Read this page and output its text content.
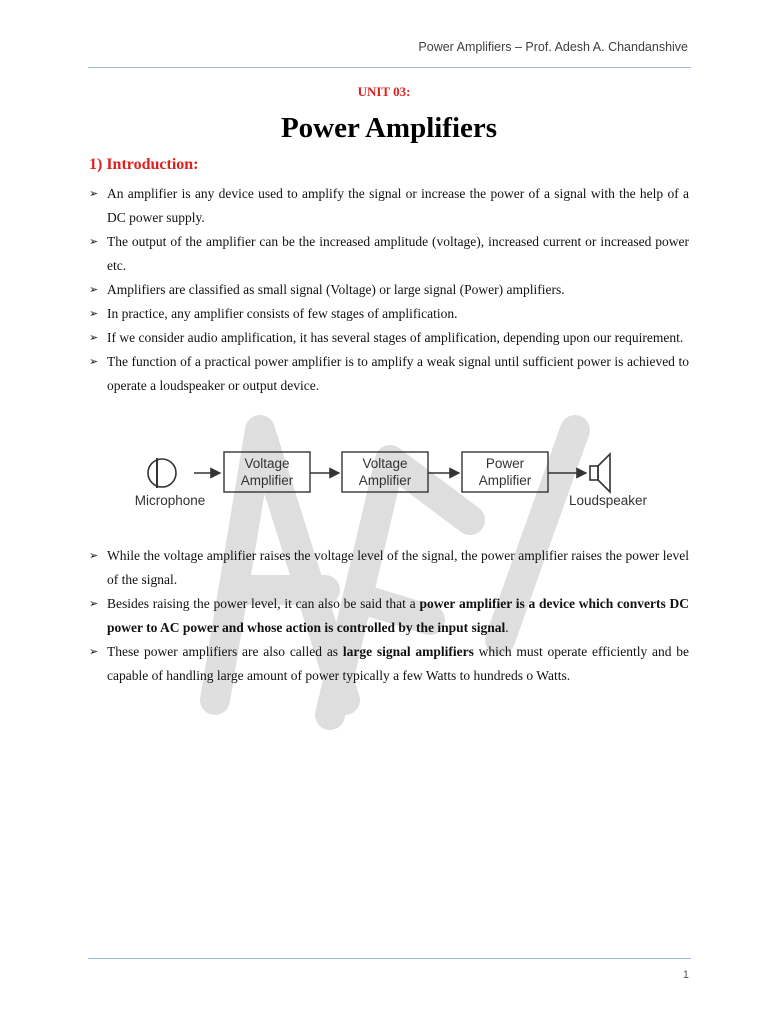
Power Amplifiers – Prof. Adesh A. Chandanshive
UNIT 03:
Power Amplifiers
1) Introduction:
➢ An amplifier is any device used to amplify the signal or increase the power of a signal with the help of a DC power supply.
➢ The output of the amplifier can be the increased amplitude (voltage), increased current or increased power etc.
➢ Amplifiers are classified as small signal (Voltage) or large signal (Power) amplifiers.
➢ In practice, any amplifier consists of few stages of amplification.
➢ If we consider audio amplification, it has several stages of amplification, depending upon our requirement.
➢ The function of a practical power amplifier is to amplify a weak signal until sufficient power is achieved to operate a loudspeaker or output device.
Microphone
Voltage
Amplifier
Voltage
Amplifier
Power
Amplifier
Loudspeaker
➢ While the voltage amplifier raises the voltage level of the signal, the power amplifier raises the power level of the signal.
➢ Besides raising the power level, it can also be said that a power amplifier is a device which converts DC power to AC power and whose action is controlled by the input signal.
➢ These power amplifiers are also called as large signal amplifiers which must operate efficiently and be capable of handling large amount of power typically a few Watts to hundreds o Watts.
1
